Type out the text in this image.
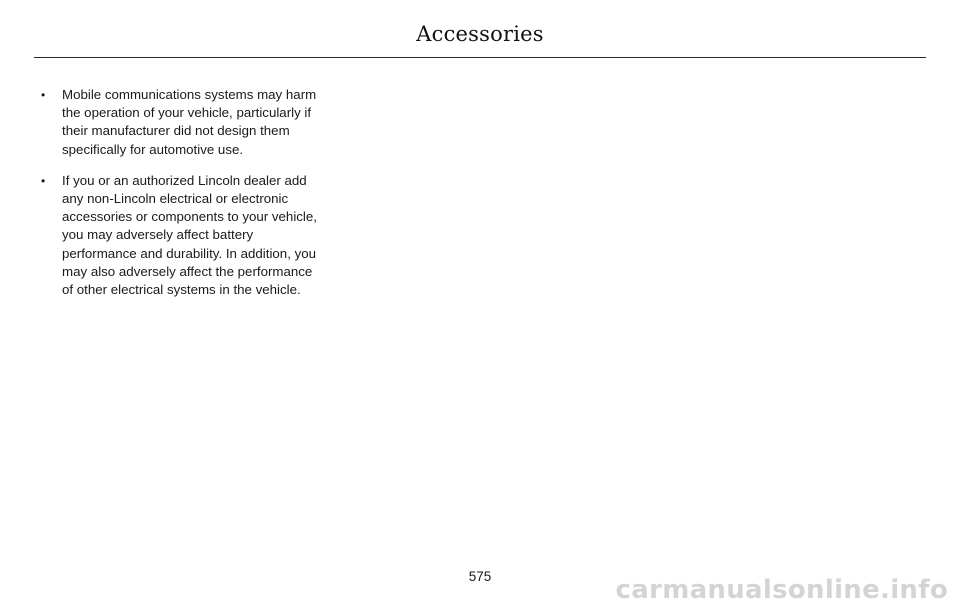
Accessories
• Mobile communications systems may harm the operation of your vehicle, particularly if their manufacturer did not design them specifically for automotive use.
• If you or an authorized Lincoln dealer add any non-Lincoln electrical or electronic accessories or components to your vehicle, you may adversely affect battery performance and durability. In addition, you may also adversely affect the performance of other electrical systems in the vehicle.
575	carmanualsonline.info
